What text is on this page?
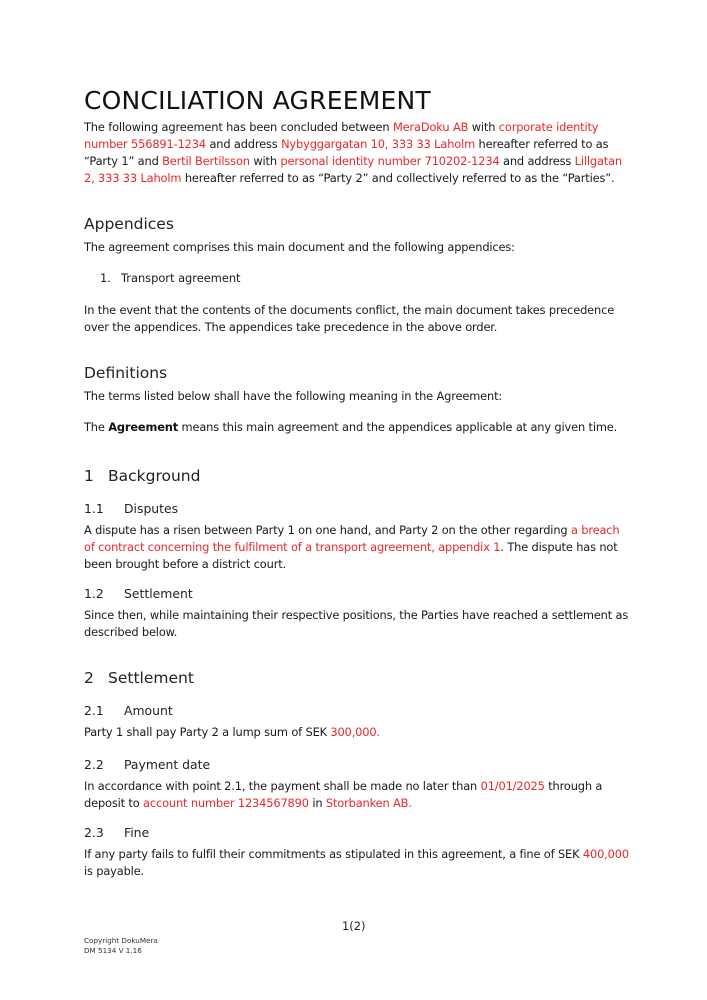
CONCILIATION AGREEMENT
The following agreement has been concluded between MeraDoku AB with corporate identity number 556891-1234 and address Nybyggargatan 10, 333 33 Laholm hereafter referred to as “Party 1” and Bertil Bertilsson with personal identity number 710202-1234 and address Lillgatan 2, 333 33 Laholm hereafter referred to as “Party 2” and collectively referred to as the “Parties”.
Appendices
The agreement comprises this main document and the following appendices:
1. Transport agreement
In the event that the contents of the documents conflict, the main document takes precedence over the appendices. The appendices take precedence in the above order.
Definitions
The terms listed below shall have the following meaning in the Agreement:
The Agreement means this main agreement and the appendices applicable at any given time.
1 Background
1.1 Disputes
A dispute has a risen between Party 1 on one hand, and Party 2 on the other regarding a breach of contract concerning the fulfilment of a transport agreement, appendix 1. The dispute has not been brought before a district court.
1.2 Settlement
Since then, while maintaining their respective positions, the Parties have reached a settlement as described below.
2 Settlement
2.1 Amount
Party 1 shall pay Party 2 a lump sum of SEK 300,000.
2.2 Payment date
In accordance with point 2.1, the payment shall be made no later than 01/01/2025 through a deposit to account number 1234567890 in Storbanken AB.
2.3 Fine
If any party fails to fulfil their commitments as stipulated in this agreement, a fine of SEK 400,000 is payable.
1(2)
Copyright DokuMera
DM 5134 V 1.16
